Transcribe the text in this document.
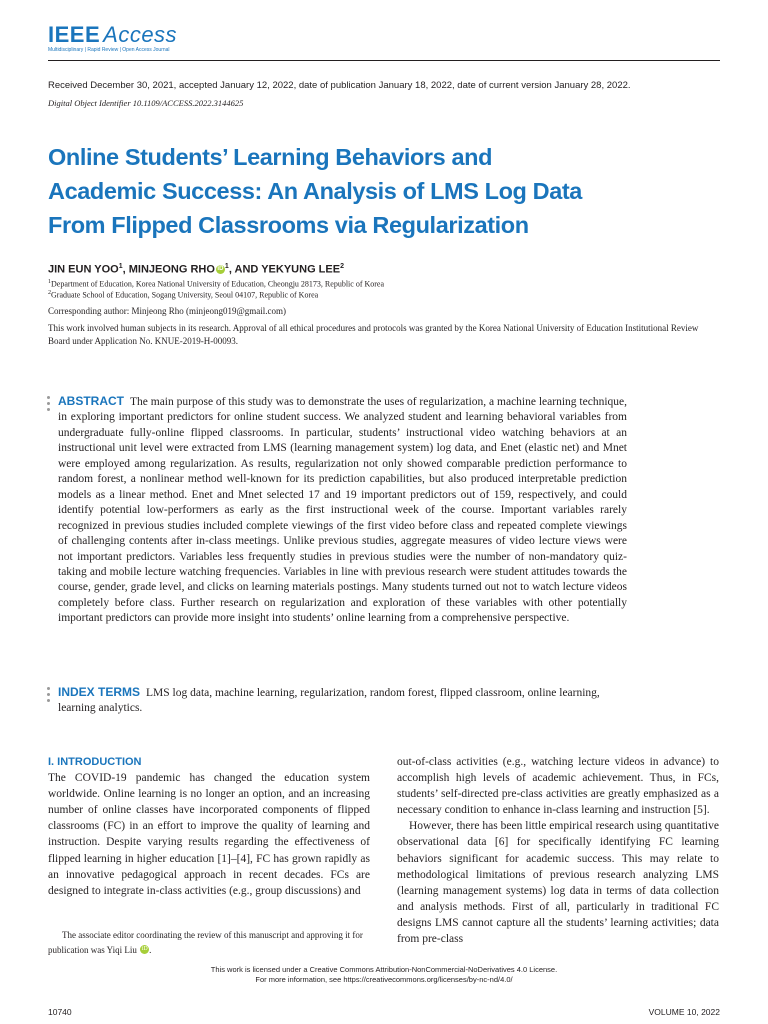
IEEE Access
Multidisciplinary | Rapid Review | Open Access Journal
Received December 30, 2021, accepted January 12, 2022, date of publication January 18, 2022, date of current version January 28, 2022.
Digital Object Identifier 10.1109/ACCESS.2022.3144625
Online Students’ Learning Behaviors and
Academic Success: An Analysis of LMS Log Data
From Flipped Classrooms via Regularization
JIN EUN YOO$^1$, MINJEONG RHO iD $^1$, AND YEKYUNG LEE$^2$
$^1$Department of Education, Korea National University of Education, Cheongju 28173, Republic of Korea
$^2$Graduate School of Education, Sogang University, Seoul 04107, Republic of Korea
Corresponding author: Minjeong Rho (minjeong019@gmail.com)
This work involved human subjects in its research. Approval of all ethical procedures and protocols was granted by the Korea National University of Education Institutional Review Board under Application No. KNUE-2019-H-00093.
ABSTRACT The main purpose of this study was to demonstrate the uses of regularization, a machine learning technique, in exploring important predictors for online student success. We analyzed student and learning behavioral variables from undergraduate fully-online flipped classrooms. In particular, students’ instructional video watching behaviors at an instructional unit level were extracted from LMS (learning management system) log data, and Enet (elastic net) and Mnet were employed among regularization. As results, regularization not only showed comparable prediction performance to random forest, a nonlinear method well-known for its prediction capabilities, but also produced interpretable prediction models as a linear method. Enet and Mnet selected 17 and 19 important predictors out of 159, respectively, and could identify potential low-performers as early as the first instructional week of the course. Important variables rarely recognized in previous studies included complete viewings of the first video before class and repeated complete viewings of challenging contents after in-class meetings. Unlike previous studies, aggregate measures of video lecture views were not important predictors. Variables less frequently studies in previous studies were the number of non-mandatory quiz-taking and mobile lecture watching frequencies. Variables in line with previous research were student attitudes towards the course, gender, grade level, and clicks on learning materials postings. Many students turned out not to watch lecture videos completely before class. Further research on regularization and exploration of these variables with other potentially important predictors can provide more insight into students’ online learning from a comprehensive perspective.
INDEX TERMS LMS log data, machine learning, regularization, random forest, flipped classroom, online learning, learning analytics.
I. INTRODUCTION
The COVID-19 pandemic has changed the education system worldwide. Online learning is no longer an option, and an increasing number of online classes have incorporated components of flipped classrooms (FC) in an effort to improve the quality of learning and instruction. Despite varying results regarding the effectiveness of flipped learning in higher education [1]–[4], FC has grown rapidly as an innovative pedagogical approach in recent decades. FCs are designed to integrate in-class activities (e.g., group discussions) and
out-of-class activities (e.g., watching lecture videos in advance) to accomplish high levels of academic achievement. Thus, in FCs, students’ self-directed pre-class activities are greatly emphasized as a necessary condition to enhance in-class learning and instruction [5].
However, there has been little empirical research using quantitative observational data [6] for specifically identifying FC learning behaviors significant for academic success. This may relate to methodological limitations of previous research analyzing LMS (learning management systems) log data in terms of data collection and analysis methods. First of all, particularly in traditional FC designs LMS cannot capture all the students’ learning activities; data from pre-class
The associate editor coordinating the review of this manuscript and approving it for publication was Yiqi Liu iD .
This work is licensed under a Creative Commons Attribution-NonCommercial-NoDerivatives 4.0 License.
For more information, see https://creativecommons.org/licenses/by-nc-nd/4.0/
10740	VOLUME 10, 2022
